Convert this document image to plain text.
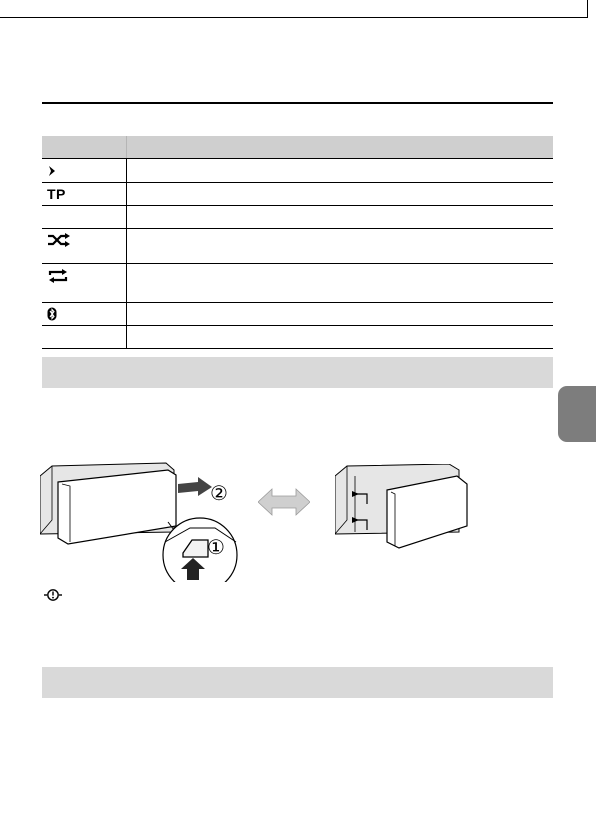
TP
②
①
